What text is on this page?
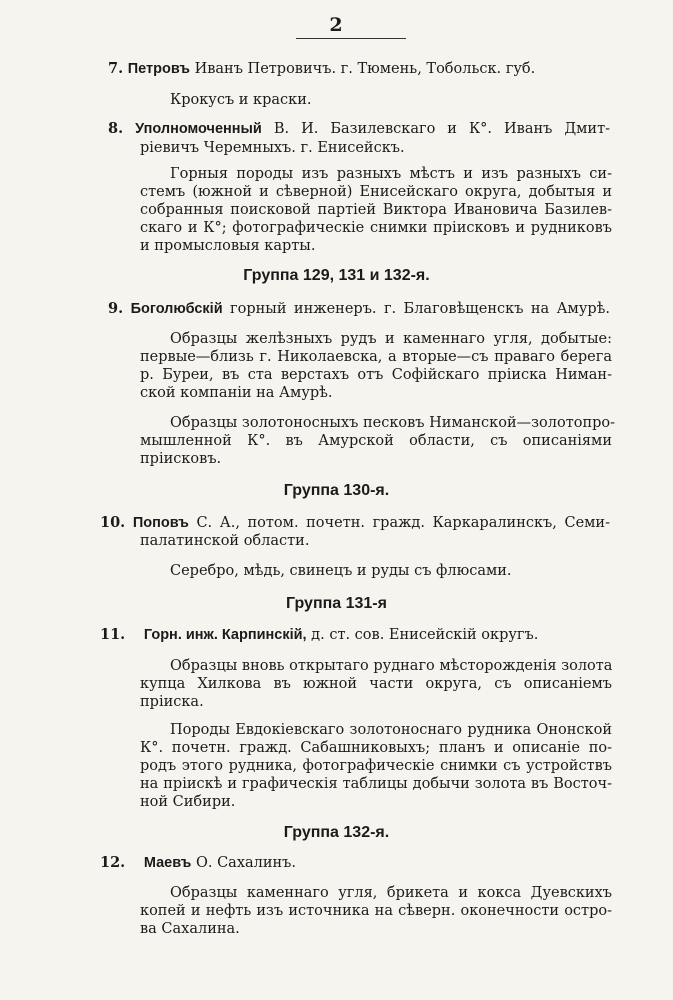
2
7. Петровъ Иванъ Петровичъ. г. Тюмень, Тобольск. губ.
Крокусъ и краски.
8. Уполномоченный В. И. Базилевскаго и К°. Иванъ Дмит-
ріевичъ Черемныхъ. г. Енисейскъ.
Горныя породы изъ разныхъ мѣстъ и изъ разныхъ си-
стемъ (южной и сѣверной) Енисейскаго округа, добытыя и
собранныя поисковой партіей Виктора Ивановича Базилев-
скаго и К°; фотографическіе снимки пріисковъ и рудниковъ
и промысловыя карты.
Группа 129, 131 и 132-я.
9. Боголюбскій горный инженеръ. г. Благовѣщенскъ на Амурѣ.
Образцы желѣзныхъ рудъ и каменнаго угля, добытые:
первые—близь г. Николаевска, а вторые—съ праваго берега
р. Буреи, въ ста верстахъ отъ Софійскаго пріиска Ниман-
ской компаніи на Амурѣ.
Образцы золотоносныхъ песковъ Ниманской—золотопро-
мышленной К°. въ Амурской области, съ описаніями
пріисковъ.
Группа 130-я.
10. Поповъ С. А., потом. почетн. гражд. Каркаралинскъ, Семи-
палатинской области.
Серебро, мѣдь, свинецъ и руды съ флюсами.
Группа 131-я
11. Горн. инж. Карпинскій, д. ст. сов. Енисейскій округъ.
Образцы вновь открытаго руднаго мѣсторожденія золота
купца Хилкова въ южной части округа, съ описаніемъ
пріиска.
Породы Евдокіевскаго золотоноснаго рудника Ононской
К°. почетн. гражд. Сабашниковыхъ; планъ и описаніе по-
родъ этого рудника, фотографическіе снимки съ устройствъ
на пріискѣ и графическія таблицы добычи золота въ Восточ-
ной Сибири.
Группа 132-я.
12. Маевъ О. Сахалинъ.
Образцы каменнаго угля, брикета и кокса Дуевскихъ
копей и нефть изъ источника на сѣверн. оконечности остро-
ва Сахалина.
